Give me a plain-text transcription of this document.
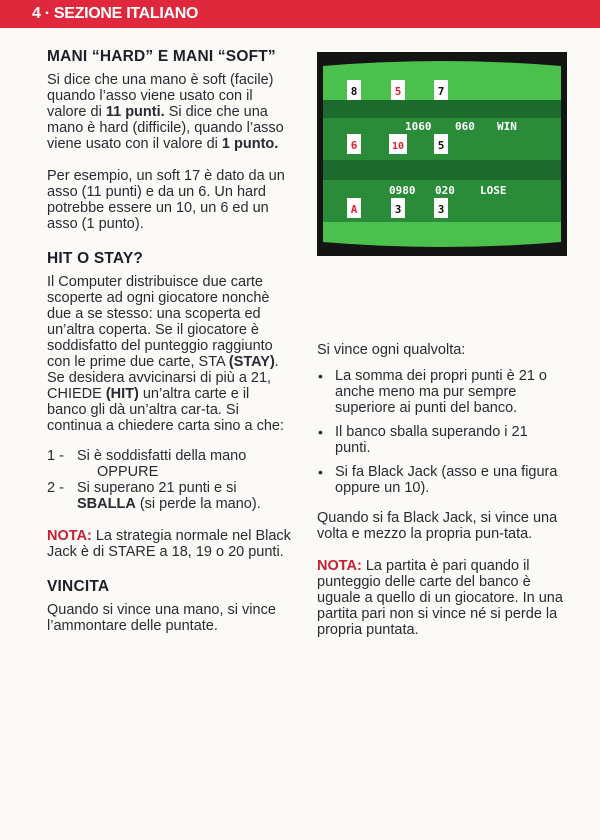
4 · SEZIONE ITALIANO
8	5	7
1060 060 WIN
6	10	5
0980 020 LOSE
A	3	3
MANI “HARD” E MANI “SOFT”

Si dice che una mano è soft (facile) quando l’asso viene usato con il valore di 11 punti. Si dice che una mano è hard (difficile), quando l’asso viene usato con il valore di 1 punto.

Per esempio, un soft 17 è dato da un asso (11 punti) e da un 6. Un hard potrebbe essere un 10, un 6 ed un asso (1 punto).

HIT O STAY?

Il Computer distribuisce due carte scoperte ad ogni giocatore nonchè due a se stesso: una scoperta ed un’altra coperta. Se il giocatore è soddisfatto del punteggio raggiunto con le prime due carte, STA (STAY). Se desidera avvicinarsi di più a 21, CHIEDE (HIT) un’altra carte e il banco gli dà un’altra car-ta. Si continua a chiedere carta sino a che:

1 - Si è soddisfatti della mano
OPPURE
2 - Si superano 21 punti e si SBALLA (si perde la mano).

NOTA: La strategia normale nel Black Jack è di STARE a 18, 19 o 20 punti.

VINCITA

Quando si vince una mano, si vince l’ammontare delle puntate.

Si vince ogni qualvolta:

• La somma dei propri punti è 21 o anche meno ma pur sempre superiore ai punti del banco.
• Il banco sballa superando i 21 punti.
• Si fa Black Jack (asso e una figura oppure un 10).

Quando si fa Black Jack, si vince una volta e mezzo la propria pun-tata.

NOTA: La partita è pari quando il punteggio delle carte del banco è uguale a quello di un giocatore. In una partita pari non si vince né si perde la propria puntata.
